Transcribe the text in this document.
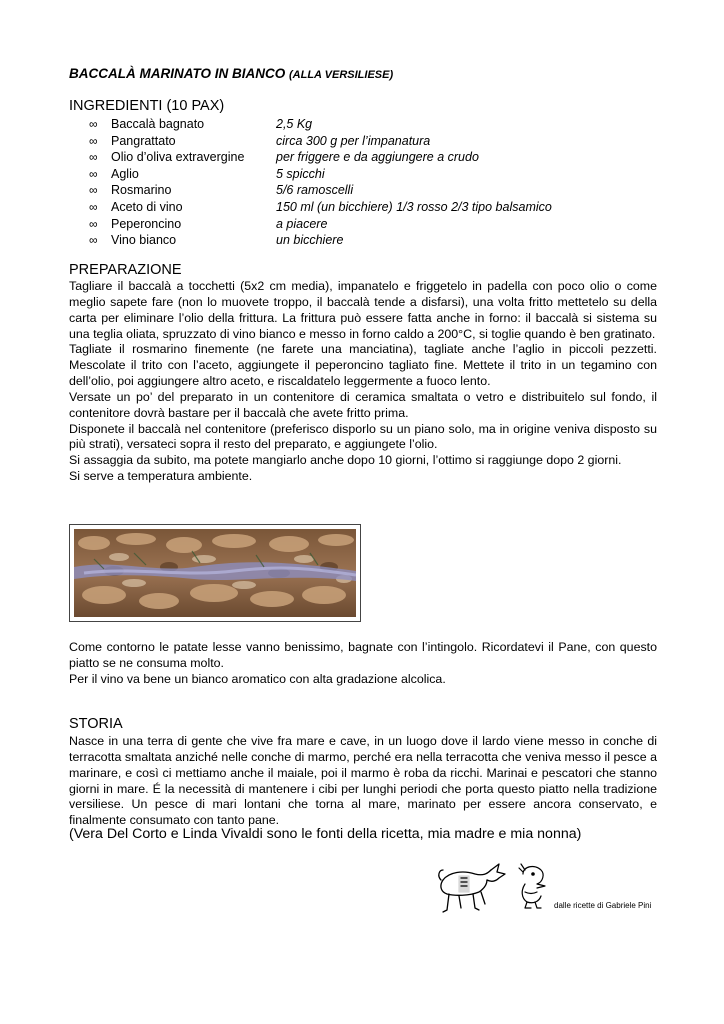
BACCALÀ MARINATO IN BIANCO (ALLA VERSILIESE)
INGREDIENTI (10 PAX)
∞ Baccalà bagnato	2,5 Kg
∞ Pangrattato	circa 300 g per l’impanatura
∞ Olio d’oliva extravergine	per friggere e da aggiungere a crudo
∞ Aglio	5 spicchi
∞ Rosmarino	5/6 ramoscelli
∞ Aceto di vino	150 ml (un bicchiere) 1/3 rosso 2/3 tipo balsamico
∞ Peperoncino	a piacere
∞ Vino bianco	un bicchiere
PREPARAZIONE

Tagliare il baccalà a tocchetti (5x2 cm media), impanatelo e friggetelo in padella con poco olio o come meglio sapete fare (non lo muovete troppo, il baccalà tende a disfarsi), una volta fritto mettetelo su della carta per eliminare l’olio della frittura. La frittura può essere fatta anche in forno: il baccalà si sistema su una teglia oliata, spruzzato di vino bianco e messo in forno caldo a 200°C, si toglie quando è ben gratinato.

Tagliate il rosmarino finemente (ne farete una manciatina), tagliate anche l’aglio in piccoli pezzetti. Mescolate il trito con l’aceto, aggiungete il peperoncino tagliato fine. Mettete il trito in un tegamino con dell’olio, poi aggiungere altro aceto, e riscaldatelo leggermente a fuoco lento.

Versate un po’ del preparato in un contenitore di ceramica smaltata o vetro e distribuitelo sul fondo, il contenitore dovrà bastare per il baccalà che avete fritto prima.

Disponete il baccalà nel contenitore (preferisco disporlo su un piano solo, ma in origine veniva disposto su più strati), versateci sopra il resto del preparato, e aggiungete l’olio.

Si assaggia da subito, ma potete mangiarlo anche dopo 10 giorni, l’ottimo si raggiunge dopo 2 giorni.

Si serve a temperatura ambiente.

Come contorno le patate lesse vanno benissimo, bagnate con l’intingolo. Ricordatevi il Pane, con questo piatto se ne consuma molto.

Per il vino va bene un bianco aromatico con alta gradazione alcolica.

STORIA

Nasce in una terra di gente che vive fra mare e cave, in un luogo dove il lardo viene messo in conche di terracotta smaltata anziché nelle conche di marmo, perché era nella terracotta che veniva messo il pesce a marinare, e così ci mettiamo anche il maiale, poi il marmo è roba da ricchi. Marinai e pescatori che stanno giorni in mare. É la necessità di mantenere i cibi per lunghi periodi che porta questo piatto nella tradizione versiliese. Un pesce di mari lontani che torna al mare, marinato per essere ancora conservato, e finalmente consumato con tanto pane.

(Vera Del Corto e Linda Vivaldi sono le fonti della ricetta, mia madre e mia nonna)
dalle ricette di Gabriele Pini
